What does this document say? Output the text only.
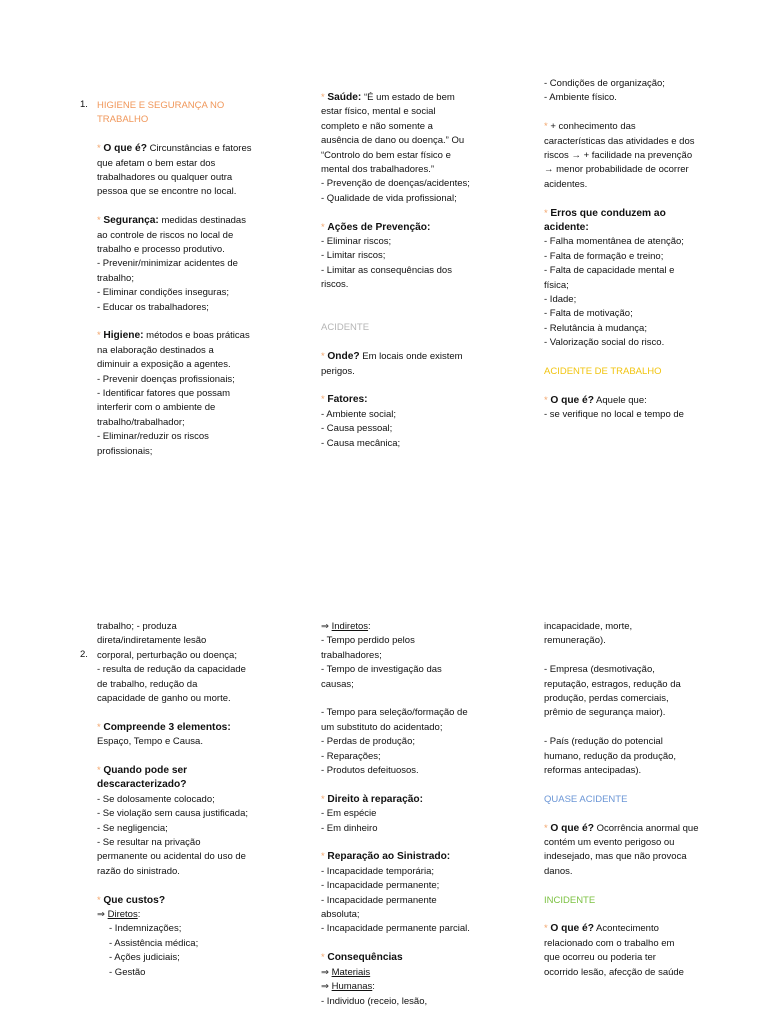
1. HIGIENE E SEGURANÇA NO
TRABALHO
* O que é? Circunstâncias e fatores
que afetam o bem estar dos
trabalhadores ou qualquer outra
pessoa que se encontre no local.
* Segurança: medidas destinadas
ao controle de riscos no local de
trabalho e processo produtivo.
- Prevenir/minimizar acidentes de
trabalho;
- Eliminar condições inseguras;
- Educar os trabalhadores;
* Higiene: métodos e boas práticas
na elaboração destinados a
diminuir a exposição a agentes.
- Prevenir doenças profissionais;
- Identificar fatores que possam
interferir com o ambiente de
trabalho/trabalhador;
- Eliminar/reduzir os riscos
profissionais;
* Saúde: “É um estado de bem
estar físico, mental e social
completo e não somente a
ausência de dano ou doença.” Ou
“Controlo do bem estar físico e
mental dos trabalhadores.”
- Prevenção de doenças/acidentes;
- Qualidade de vida profissional;
* Ações de Prevenção:
- Eliminar riscos;
- Limitar riscos;
- Limitar as consequências dos
riscos.
ACIDENTE
* Onde? Em locais onde existem
perigos.
* Fatores:
- Ambiente social;
- Causa pessoal;
- Causa mecânica;
- Condições de organização;
- Ambiente físico.
* + conhecimento das
características das atividades e dos
riscos → + facilidade na prevenção
→ menor probabilidade de ocorrer
acidentes.
* Erros que conduzem ao
acidente:
- Falha momentânea de atenção;
- Falta de formação e treino;
- Falta de capacidade mental e
física;
- Idade;
- Falta de motivação;
- Relutância à mudança;
- Valorização social do risco.
ACIDENTE DE TRABALHO
* O que é? Aquele que:
- se verifique no local e tempo de
2.
trabalho; - produza
direta/indiretamente lesão
corporal, perturbação ou doença;
- resulta de redução da capacidade
de trabalho, redução da
capacidade de ganho ou morte.
* Compreende 3 elementos:
Espaço, Tempo e Causa.
* Quando pode ser
descaracterizado?
- Se dolosamente colocado;
- Se violação sem causa justificada;
- Se negligencia;
- Se resultar na privação
permanente ou acidental do uso de
razão do sinistrado.
* Que custos?
⇒ Diretos:
- Indemnizações;
- Assistência médica;
- Ações judiciais;
- Gestão
⇒ Indiretos:
- Tempo perdido pelos
trabalhadores;
- Tempo de investigação das
causas;
- Tempo para seleção/formação de
um substituto do acidentado;
- Perdas de produção;
- Reparações;
- Produtos defeituosos.
* Direito à reparação:
- Em espécie
- Em dinheiro
* Reparação ao Sinistrado:
- Incapacidade temporária;
- Incapacidade permanente;
- Incapacidade permanente
absoluta;
- Incapacidade permanente parcial.
* Consequências
⇒ Materiais
⇒ Humanas:
- Individuo (receio, lesão,
incapacidade, morte,
remuneração).
- Empresa (desmotivação,
reputação, estragos, redução da
produção, perdas comerciais,
prêmio de segurança maior).
- País (redução do potencial
humano, redução da produção,
reformas antecipadas).
QUASE ACIDENTE
* O que é? Ocorrência anormal que
contém um evento perigoso ou
indesejado, mas que não provoca
danos.
INCIDENTE
* O que é? Acontecimento
relacionado com o trabalho em
que ocorreu ou poderia ter
ocorrido lesão, afecção de saúde
